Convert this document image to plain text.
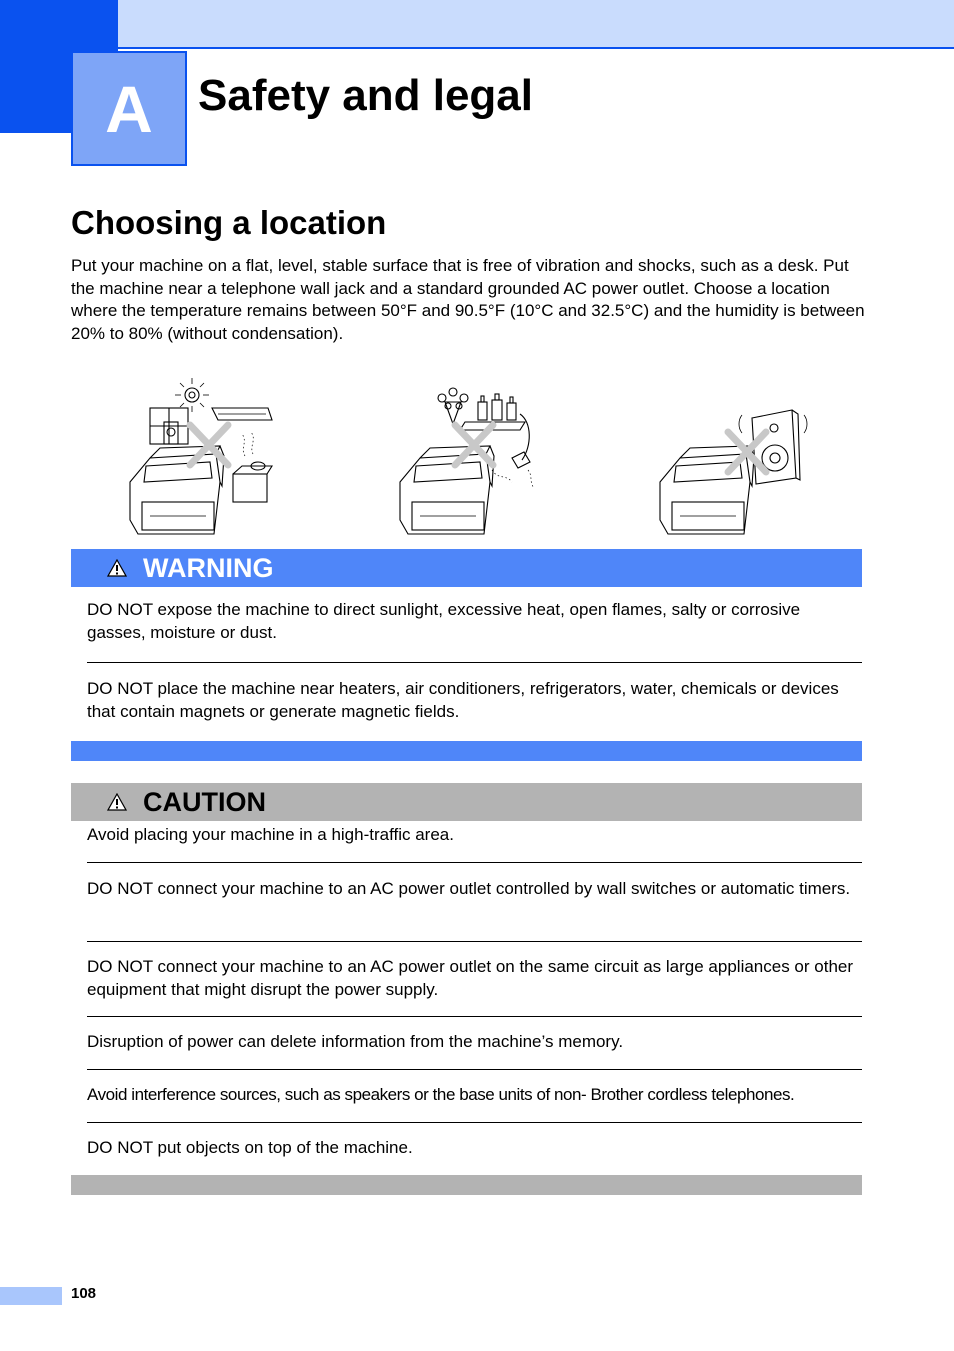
A Safety and legal
Choosing a location

Put your machine on a flat, level, stable surface that is free of vibration and shocks, such as a desk. Put the machine near a telephone wall jack and a standard grounded AC power outlet. Choose a location where the temperature remains between 50°F and 90.5°F (10°C and 32.5°C) and the humidity is between 20% to 80% (without condensation).

WARNING

DO NOT expose the machine to direct sunlight, excessive heat, open flames, salty or corrosive gasses, moisture or dust.

DO NOT place the machine near heaters, air conditioners, refrigerators, water, chemicals or devices that contain magnets or generate magnetic fields.

CAUTION

Avoid placing your machine in a high-traffic area.

DO NOT connect your machine to an AC power outlet controlled by wall switches or automatic timers.

DO NOT connect your machine to an AC power outlet on the same circuit as large appliances or other equipment that might disrupt the power supply.

Disruption of power can delete information from the machine’s memory.

Avoid interference sources, such as speakers or the base units of non- Brother cordless telephones.

DO NOT put objects on top of the machine.

108
